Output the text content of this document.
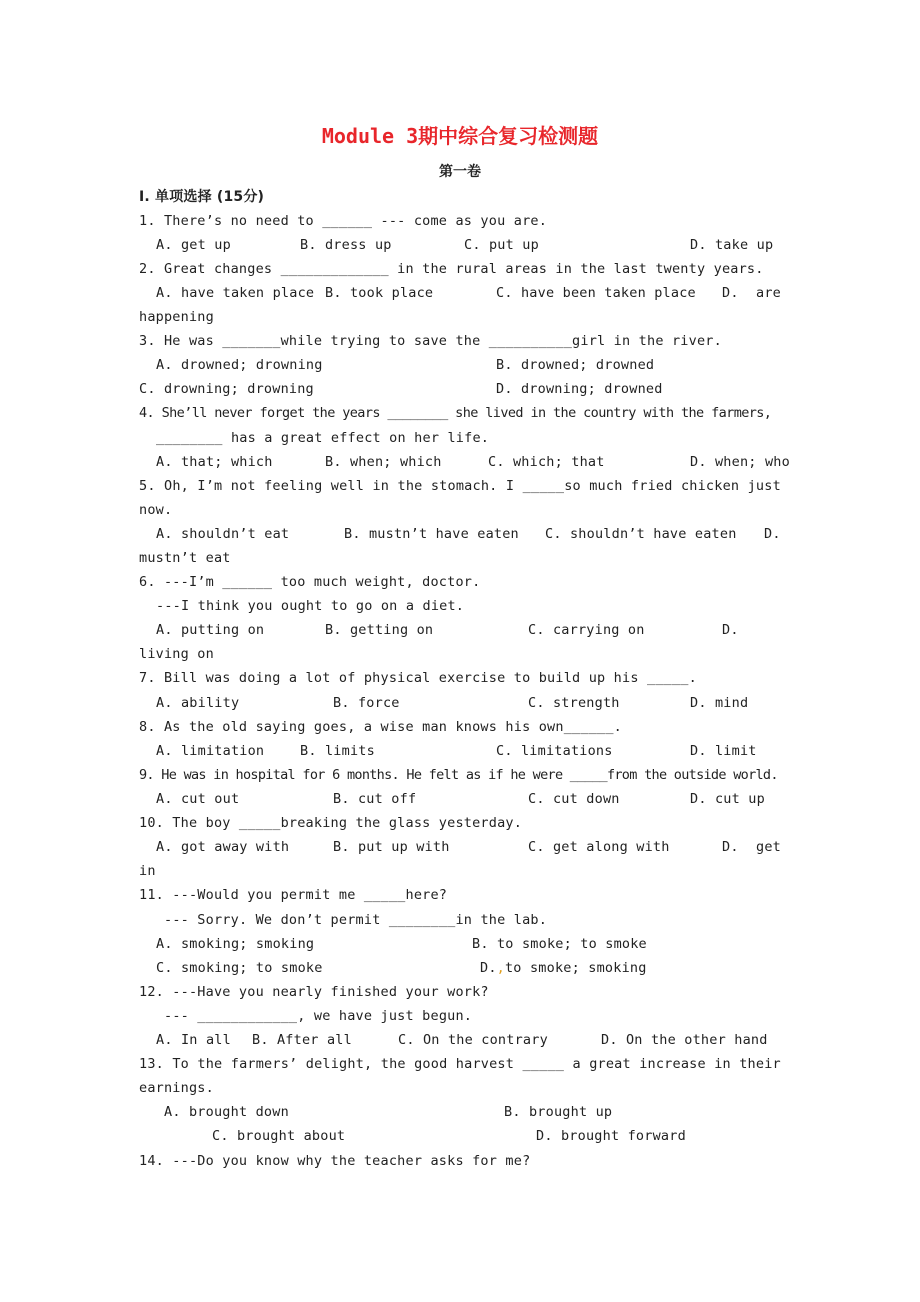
Module 3期中综合复习检测题
第一卷
I. 单项选择 (15分)
1. There’s no need to ______ --- come as you are.
A. get up	B. dress up	C. put up	D. take up
2. Great changes _____________ in the rural areas in the last twenty years.
A. have taken place B. took place	C. have been taken place D. are
happening
3. He was _______while trying to save the __________girl in the river.
A. drowned; drowning	B. drowned; drowned
C. drowning; drowning	D. drowning; drowned
4. She’ll never forget the years ________ she lived in the country with the farmers,
________ has a great effect on her life.
A. that; which	B. when; which	C. which; that	D. when; who
5. Oh, I’m not feeling well in the stomach. I _____so much fried chicken just
now.
A. shouldn’t eat	B. mustn’t have eaten C. shouldn’t have eaten D.
mustn’t eat
6. ---I’m ______ too much weight, doctor.
---I think you ought to go on a diet.
A. putting on	B. getting on	C. carrying on	D.
living on
7. Bill was doing a lot of physical exercise to build up his _____.
A. ability	B. force	C. strength	D. mind
8. As the old saying goes, a wise man knows his own______.
A. limitation	B. limits	C. limitations	D. limit
9. He was in hospital for 6 months. He felt as if he were _____from the outside world.
A. cut out	B. cut off	C. cut down	D. cut up
10. The boy _____breaking the glass yesterday.
A. got away with	B. put up with	C. get along with	D. get
in
11. ---Would you permit me _____here?
--- Sorry. We don’t permit ________in the lab.
A. smoking; smoking	B. to smoke; to smoke
C. smoking; to smoke	D.,to smoke; smoking
12. ---Have you nearly finished your work?
--- ____________, we have just begun.
A. In all B. After all	C. On the contrary	D. On the other hand
13. To the farmers’ delight, the good harvest _____ a great increase in their
earnings.
A. brought down	B. brought up
C. brought about	D. brought forward
14. ---Do you know why the teacher asks for me?
